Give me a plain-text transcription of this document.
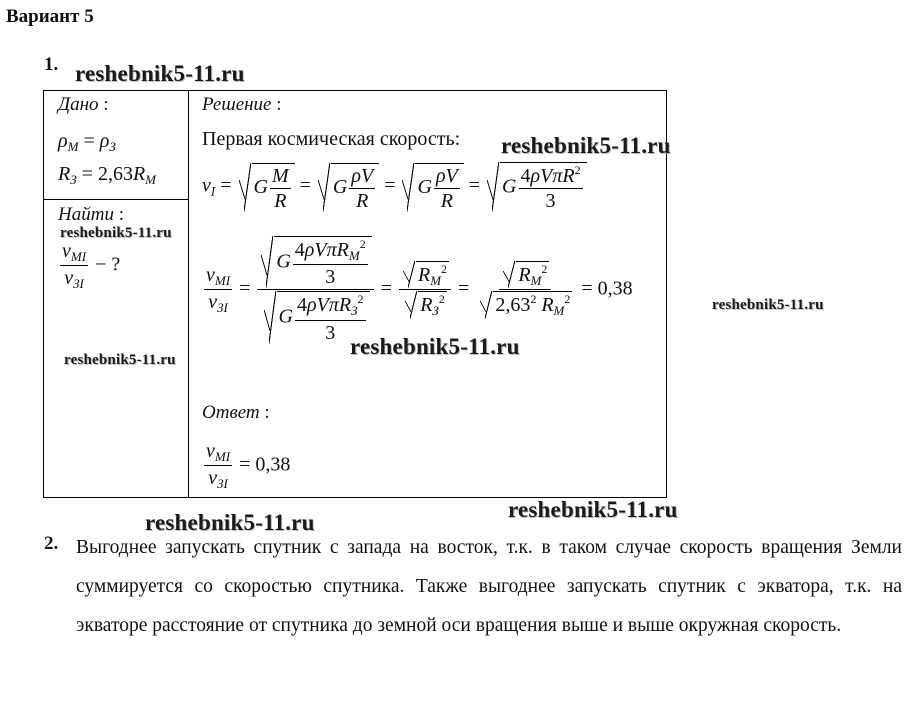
Вариант 5
1.
Дано :
$\rho_M = \rho_З$
$R_З = 2,63R_M$
Найти :
$\frac{v_{MI}}{v_{ЗI}}$ − ?
Решение :
Первая космическая скорость:
$v_I = G \frac{M}{R} = G \frac{\rho V}{R} = G \frac{\rho V}{R} = G \frac{4\rho V\pi R^2}{3}$
$\frac{v_{MI}}{v_{ЗI}} = \frac{G \frac{4\rho V\pi R_M^2}{3}}{G \frac{4\rho V\pi R_З^2}{3}} = \frac{R_M^2}{R_З^2} = \frac{R_M^2}{2,63^2 R_M^2} = 0,38$
Ответ :
$\frac{v_{MI}}{v_{ЗI}} = 0,38$
2. Выгоднее запускать спутник с запада на восток, т.к. в таком случае скорость вращения Земли суммируется со скоростью спутника. Также выгоднее запускать спутник с экватора, т.к. на экваторе расстояние от спутника до земной оси вращения выше и выше окружная скорость.
reshebnik5-11.ru
reshebnik5-11.ru
reshebnik5-11.ru
reshebnik5-11.ru
reshebnik5-11.ru
reshebnik5-11.ru
reshebnik5-11.ru
reshebnik5-11.ru
